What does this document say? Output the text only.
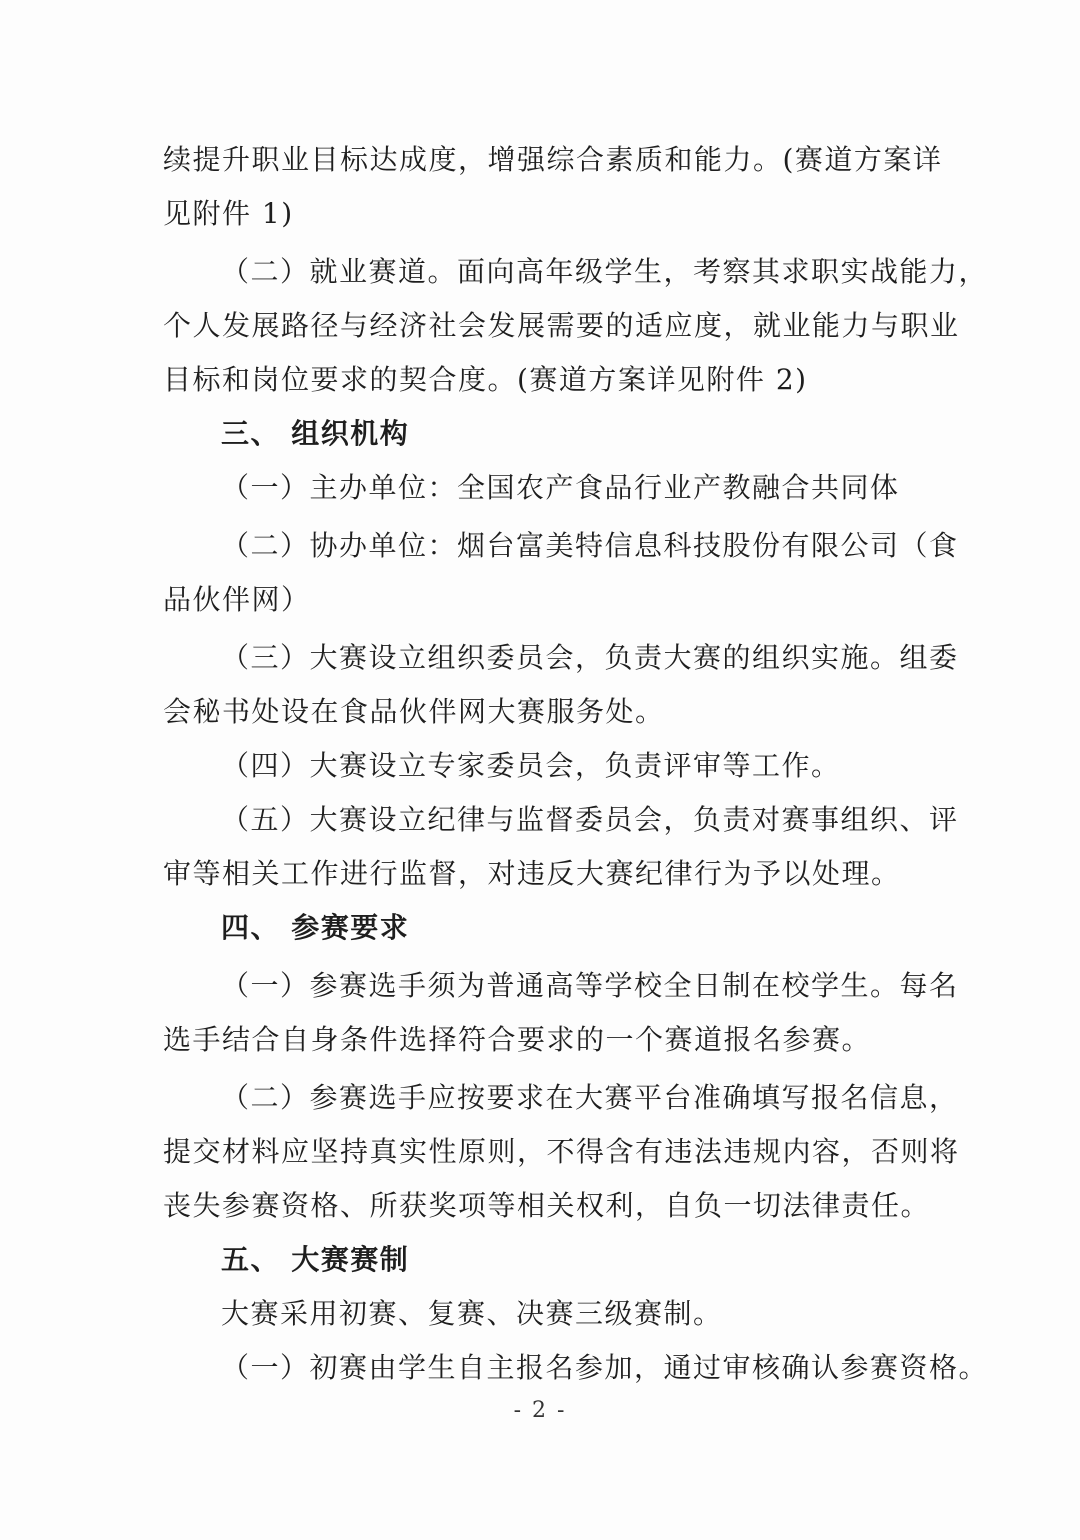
续提升职业目标达成度，增强综合素质和能力。(赛道方案详
见附件 1)
（二）就业赛道。面向高年级学生，考察其求职实战能力，
个人发展路径与经济社会发展需要的适应度，就业能力与职业
目标和岗位要求的契合度。(赛道方案详见附件 2)
三、 组织机构
（一）主办单位：全国农产食品行业产教融合共同体
（二）协办单位：烟台富美特信息科技股份有限公司（食
品伙伴网）
（三）大赛设立组织委员会，负责大赛的组织实施。组委
会秘书处设在食品伙伴网大赛服务处。
（四）大赛设立专家委员会，负责评审等工作。
（五）大赛设立纪律与监督委员会，负责对赛事组织、评
审等相关工作进行监督，对违反大赛纪律行为予以处理。
四、 参赛要求
（一）参赛选手须为普通高等学校全日制在校学生。每名
选手结合自身条件选择符合要求的一个赛道报名参赛。
（二）参赛选手应按要求在大赛平台准确填写报名信息，
提交材料应坚持真实性原则，不得含有违法违规内容，否则将
丧失参赛资格、所获奖项等相关权利，自负一切法律责任。
五、 大赛赛制
大赛采用初赛、复赛、决赛三级赛制。
（一）初赛由学生自主报名参加，通过审核确认参赛资格。
- 2 -
